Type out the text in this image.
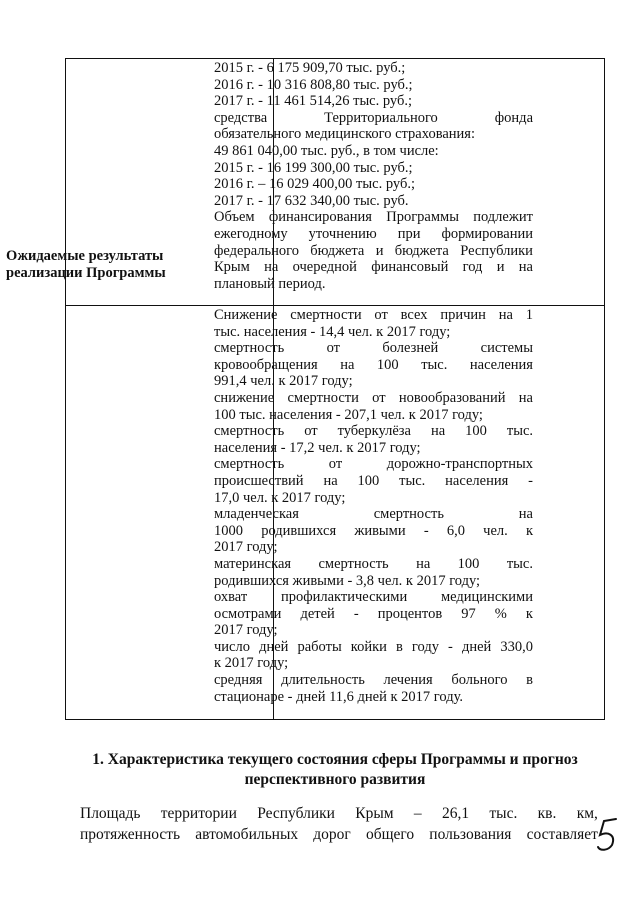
Ожидаемые результаты
реализации Программы
2015 г. - 6 175 909,70 тыс. руб.;
2016 г. - 10 316 808,80 тыс. руб.;
2017 г. - 11 461 514,26 тыс. руб.;
средства	Территориального	фонда
обязательного медицинского страхования:
49 861 040,00 тыс. руб., в том числе:
2015 г. - 16 199 300,00 тыс. руб.;
2016 г. – 16 029 400,00 тыс. руб.;
2017 г. - 17 632 340,00 тыс. руб.
Объем финансирования Программы подлежит
ежегодному уточнению при формировании
федерального бюджета и бюджета Республики
Крым на очередной финансовый год и на
плановый период.
Снижение смертности от всех причин на 1
тыс. населения - 14,4 чел. к 2017 году;
смертность	от	болезней	системы
кровообращения на 100 тыс. населения
991,4 чел. к 2017 году;
снижение смертности от новообразований на
100 тыс. населения - 207,1 чел. к 2017 году;
смертность от туберкулёза на 100 тыс.
населения - 17,2 чел. к 2017 году;
смертность	от	дорожно-транспортных
происшествий на 100 тыс. населения -
17,0 чел. к 2017 году;
младенческая	смертность	на
1000 родившихся живыми - 6,0 чел. к
2017 году;
материнская смертность на 100 тыс.
родившихся живыми - 3,8 чел. к 2017 году;
охват профилактическими медицинскими
осмотрами детей - процентов 97 % к
2017 году;
число дней работы койки в году - дней 330,0
к 2017 году;
средняя длительность лечения больного в
стационаре - дней 11,6 дней к 2017 году.
1. Характеристика текущего состояния сферы Программы и прогноз
перспективного развития
Площадь территории Республики Крым – 26,1 тыс. кв. км,
протяженность автомобильных дорог общего пользования составляет
